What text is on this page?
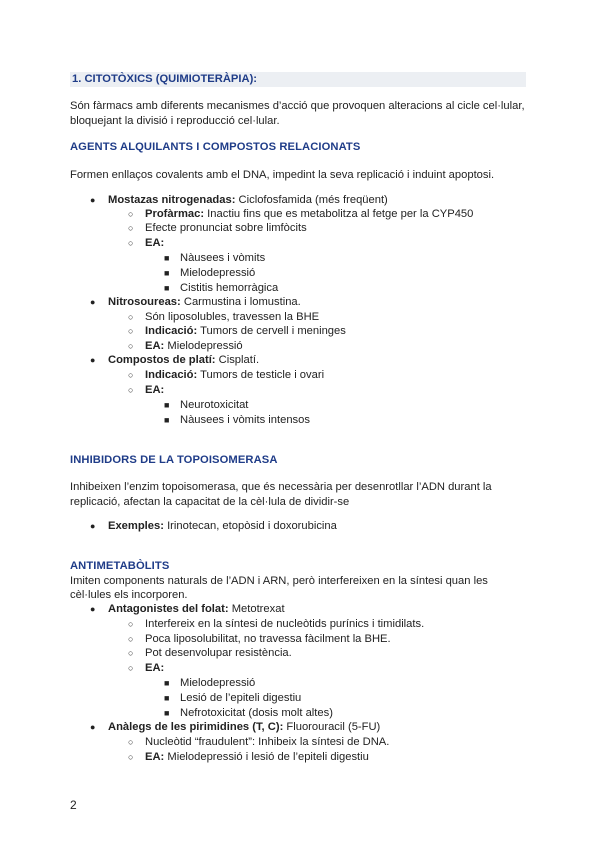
1. CITOTÒXICS (QUIMIOTERÀPIA):
Són fàrmacs amb diferents mecanismes d’acció que provoquen alteracions al cicle cel·lular,
bloquejant la divisió i reproducció cel·lular.
AGENTS ALQUILANTS I COMPOSTOS RELACIONATS
Formen enllaços covalents amb el DNA, impedint la seva replicació i induint apoptosi.
● Mostazas nitrogenadas: Ciclofosfamida (més freqüent)
○ Profàrmac: Inactiu fins que es metabolitza al fetge per la CYP450
○ Efecte pronunciat sobre limfòcits
○ EA:
■ Nàusees i vòmits
■ Mielodepressió
■ Cistitis hemorràgica
● Nitrosoureas: Carmustina i lomustina.
○ Són liposolubles, travessen la BHE
○ Indicació: Tumors de cervell i meninges
○ EA: Mielodepressió
● Compostos de platí: Cisplatí.
○ Indicació: Tumors de testicle i ovari
○ EA:
■ Neurotoxicitat
■ Nàusees i vòmits intensos
INHIBIDORS DE LA TOPOISOMERASA
Inhibeixen l’enzim topoisomerasa, que és necessària per desenrotllar l’ADN durant la
replicació, afectan la capacitat de la cèl·lula de dividir-se
● Exemples: Irinotecan, etopòsid i doxorubicina
ANTIMETABÒLITS
Imiten components naturals de l’ADN i ARN, però interfereixen en la síntesi quan les
cèl·lules els incorporen.
● Antagonistes del folat: Metotrexat
○ Interfereix en la síntesi de nucleòtids purínics i timidilats.
○ Poca liposolubilitat, no travessa fàcilment la BHE.
○ Pot desenvolupar resistència.
○ EA:
■ Mielodepressió
■ Lesió de l’epiteli digestiu
■ Nefrotoxicitat (dosis molt altes)
● Anàlegs de les pirimidines (T, C): Fluorouracil (5-FU)
○ Nucleòtid “fraudulent”: Inhibeix la síntesi de DNA.
○ EA: Mielodepressió i lesió de l’epiteli digestiu
2
